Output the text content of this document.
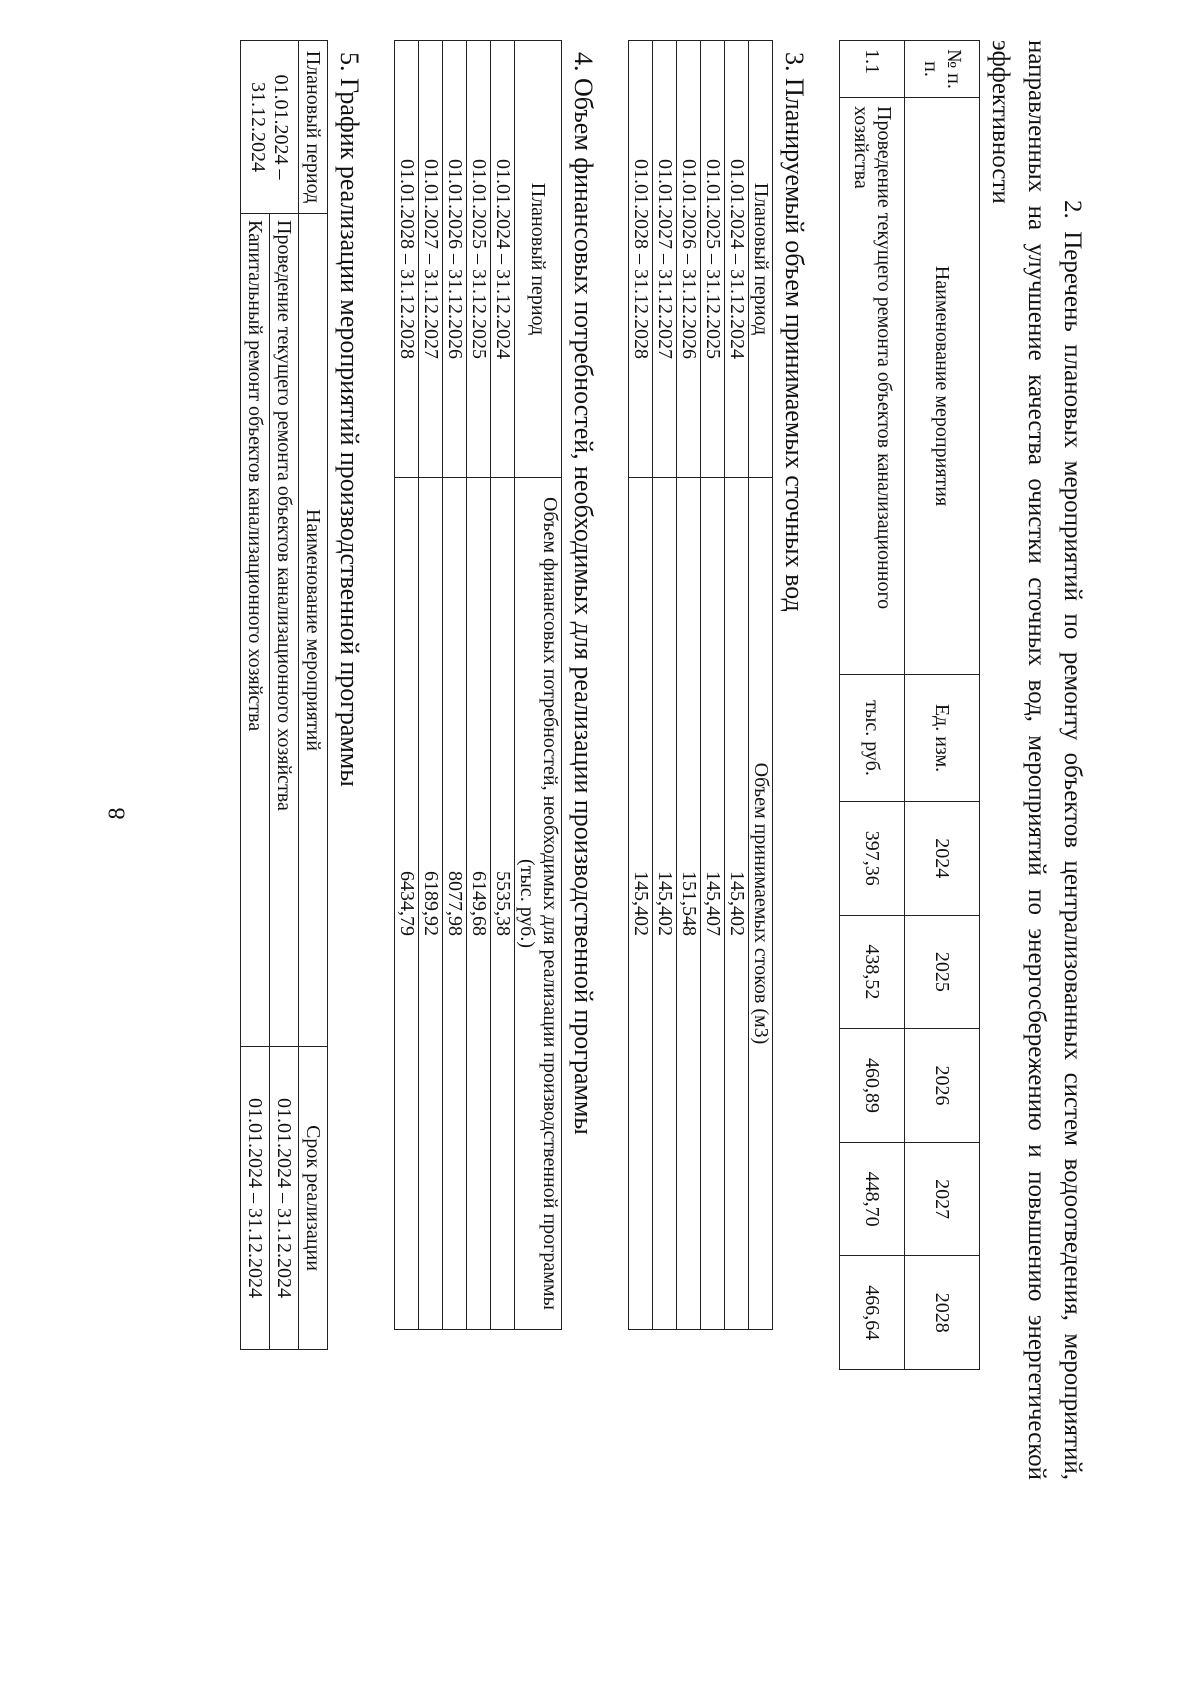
8	2. Перечень плановых мероприятий по ремонту объектов централизованных систем водоотведения, мероприятий, направленных на улучшение качества очистки сточных вод, мероприятий по энергосбережению и повышению энергетической эффективности

№ п. п.	Наименование мероприятия	Ед. изм.	2024	2025	2026	2027	2028
1.1	Проведение текущего ремонта объектов канализационного хозяйства	тыс. руб.	397,36	438,52	460,89	448,70	466,64
3. Планируемый объем принимаемых сточных вод
Плановый период	Объем принимаемых стоков (м3)
01.01.2024 – 31.12.2024	145,402
01.01.2025 – 31.12.2025	145,407
01.01.2026 – 31.12.2026	151,548
01.01.2027 – 31.12.2027	145,402
01.01.2028 – 31.12.2028	145,402
4. Объем финансовых потребностей, необходимых для реализации производственной программы
Плановый период	Объем финансовых потребностей, необходимых для реализации производственной программы (тыс. руб.)
01.01.2024 – 31.12.2024	5535,38
01.01.2025 – 31.12.2025	6149,68
01.01.2026 – 31.12.2026	8077,98
01.01.2027 – 31.12.2027	6189,92
01.01.2028 – 31.12.2028	6434,79
5. График реализации мероприятий производственной программы
Плановый период	Наименование мероприятий	Срок реализации
01.01.2024 – 31.12.2024	Проведение текущего ремонта объектов канализационного хозяйства	01.01.2024 – 31.12.2024
	Капитальный ремонт объектов канализационного хозяйства	01.01.2024 – 31.12.2024
